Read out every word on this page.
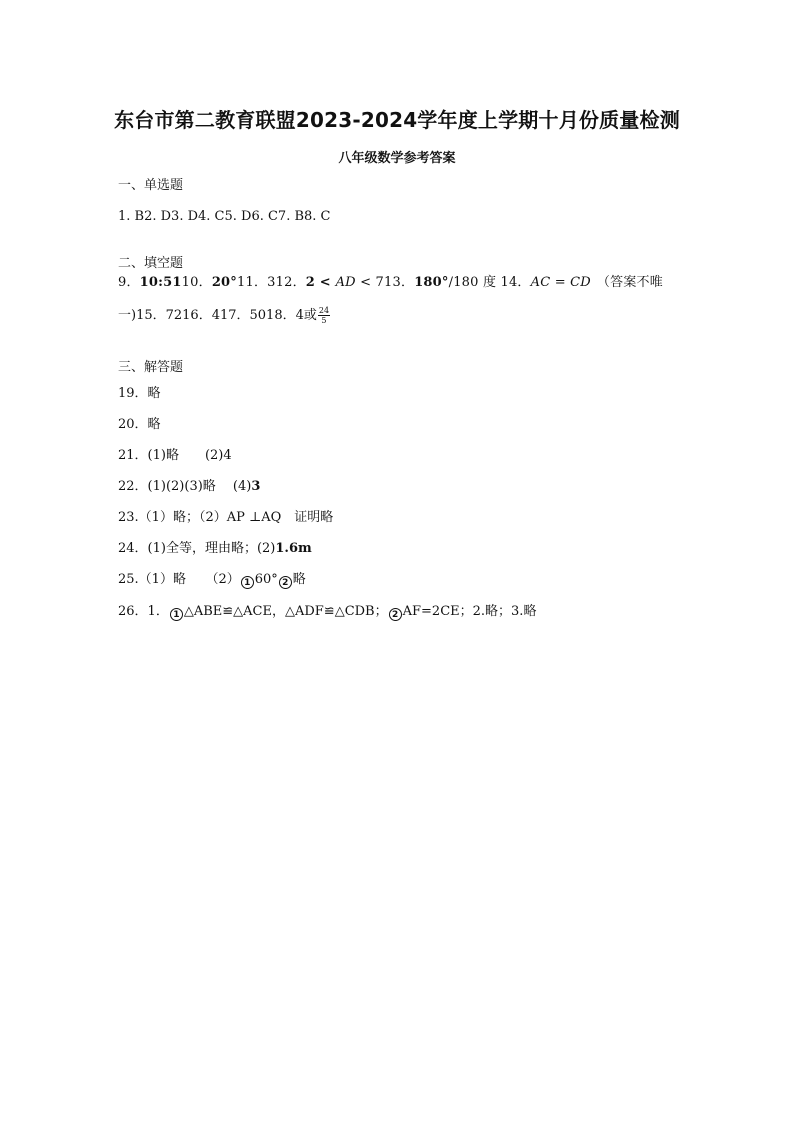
东台市第二教育联盟2023-2024学年度上学期十月份质量检测
八年级数学参考答案
一、单选题
1. B2. D3. D4. C5. D6. C7. B8. C
二、填空题
9．10:5110．20°11．312．2 < AD < 713．180°/180 度 14．AC = CD （答案不唯
一)15．7216．417．5018．4或 $\frac{24}{5}$
三、解答题
19．略
20．略
21．(1)略　　(2)4
22．(1)(2)(3)略　 (4)3
23.（1）略；（2）AP ⊥AQ　证明略
24．(1)全等，理由略；(2)1.6m
25.（1）略　　（2） 1 60° 2 略
26．1． 1 △ABE≌△ACE，△ADF≌△CDB； 2 AF=2CE；2.略；3.略
